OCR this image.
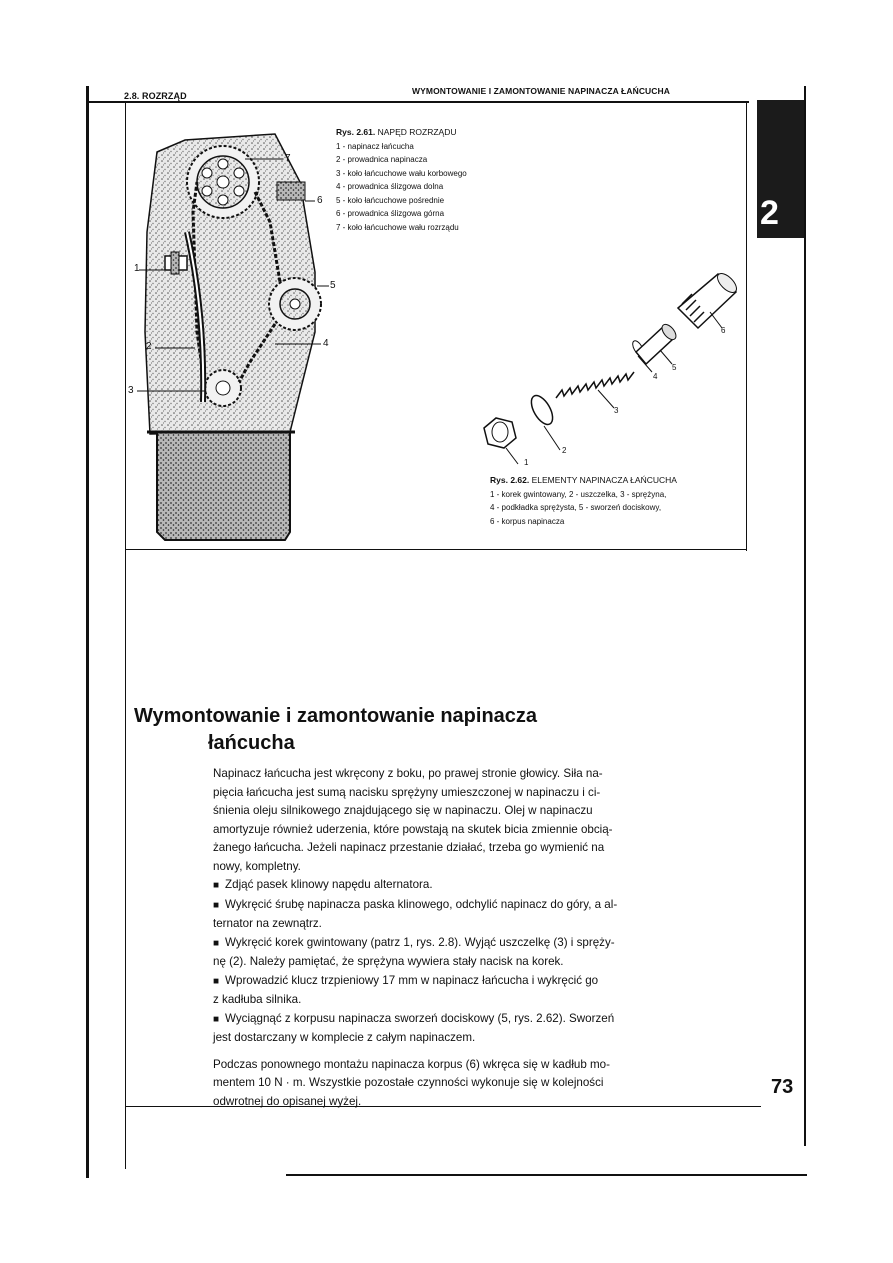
2.8. ROZRZĄD	WYMONTOWANIE I ZAMONTOWANIE NAPINACZA ŁAŃCUCHA
2
7
6
5
4
1
2
3
Rys. 2.61. NAPĘD ROZRZĄDU
1 - napinacz łańcucha
2 - prowadnica napinacza
3 - koło łańcuchowe wału korbowego
4 - prowadnica ślizgowa dolna
5 - koło łańcuchowe pośrednie
6 - prowadnica ślizgowa górna
7 - koło łańcuchowe wału rozrządu
1
2
3
4
5
6
Rys. 2.62. ELEMENTY NAPINACZA ŁAŃCUCHA
1 - korek gwintowany, 2 - uszczelka, 3 - sprężyna,
4 - podkładka sprężysta, 5 - sworzeń dociskowy,
6 - korpus napinacza
Wymontowanie i zamontowanie napinacza
łańcucha

Napinacz łańcucha jest wkręcony z boku, po prawej stronie głowicy. Siła na-

pięcia łańcucha jest sumą nacisku sprężyny umieszczonej w napinaczu i ci-

śnienia oleju silnikowego znajdującego się w napinaczu. Olej w napinaczu

amortyzuje również uderzenia, które powstają na skutek bicia zmiennie obcią-

żanego łańcucha. Jeżeli napinacz przestanie działać, trzeba go wymienić na

nowy, kompletny.

■ Zdjąć pasek klinowy napędu alternatora.

■ Wykręcić śrubę napinacza paska klinowego, odchylić napinacz do góry, a al-

ternator na zewnątrz.

■ Wykręcić korek gwintowany (patrz 1, rys. 2.8). Wyjąć uszczelkę (3) i spręży-

nę (2). Należy pamiętać, że sprężyna wywiera stały nacisk na korek.

■ Wprowadzić klucz trzpieniowy 17 mm w napinacz łańcucha i wykręcić go

z kadłuba silnika.

■ Wyciągnąć z korpusu napinacza sworzeń dociskowy (5, rys. 2.62). Sworzeń

jest dostarczany w komplecie z całym napinaczem.

Podczas ponownego montażu napinacza korpus (6) wkręca się w kadłub mo-

mentem 10 N · m. Wszystkie pozostałe czynności wykonuje się w kolejności

odwrotnej do opisanej wyżej.

73
